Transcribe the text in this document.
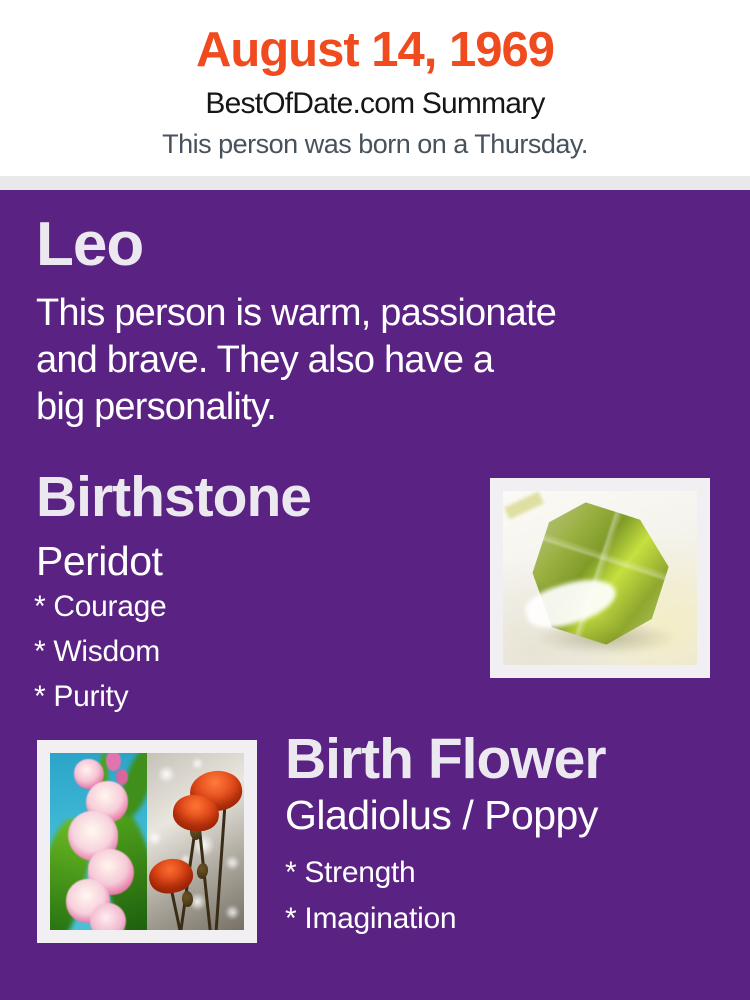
August 14, 1969
BestOfDate.com Summary
This person was born on a Thursday.
Leo
This person is warm, passionate
and brave. They also have a
big personality.
Birthstone
Peridot
* Courage
* Wisdom
* Purity
Birth Flower
Gladiolus / Poppy
* Strength
* Imagination
